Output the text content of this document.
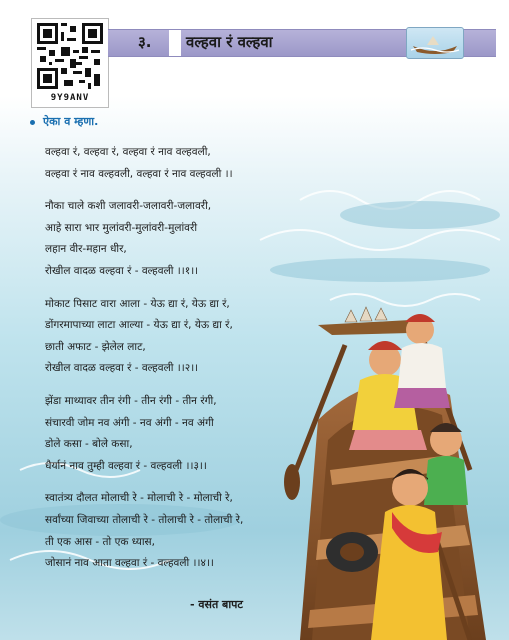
9Y9ANV
३. वल्हवा रं वल्हवा
ऐका व म्हणा.
वल्हवा रं, वल्हवा रं, वल्हवा रं नाव वल्हवली,
वल्हवा रं नाव वल्हवली, वल्हवा रं नाव वल्हवली ।।
नौका चाले कशी जलावरी-जलावरी-जलावरी,
आहे सारा भार मुलांवरी-मुलांवरी-मुलांवरी
लहान वीर-महान धीर,
रोखील वादळ वल्हवा रं - वल्हवली ।।१।।
मोकाट पिसाट वारा आला - येऊ द्या रं, येऊ द्या रं,
डोंगरमापाच्या लाटा आल्या - येऊ द्या रं, येऊ द्या रं,
छाती अफाट - झेलेल लाट,
रोखील वादळ वल्हवा रं - वल्हवली ।।२।।
झेंडा माथ्यावर तीन रंगी - तीन रंगी - तीन रंगी,
संचारवी जोम नव अंगी - नव अंगी - नव अंगी
डोले कसा - बोले कसा,
धैर्यानं नाव तुम्ही वल्हवा रं - वल्हवली ।।३।।
स्वातंत्र्य दौलत मोलाची रे - मोलाची रे - मोलाची रे,
सर्वांच्या जिवाच्या तोलाची रे - तोलाची रे - तोलाची रे,
ती एक आस - तो एक ध्यास,
जोसानं नाव आता वल्हवा रं - वल्हवली ।।४।।
- वसंत बापट
